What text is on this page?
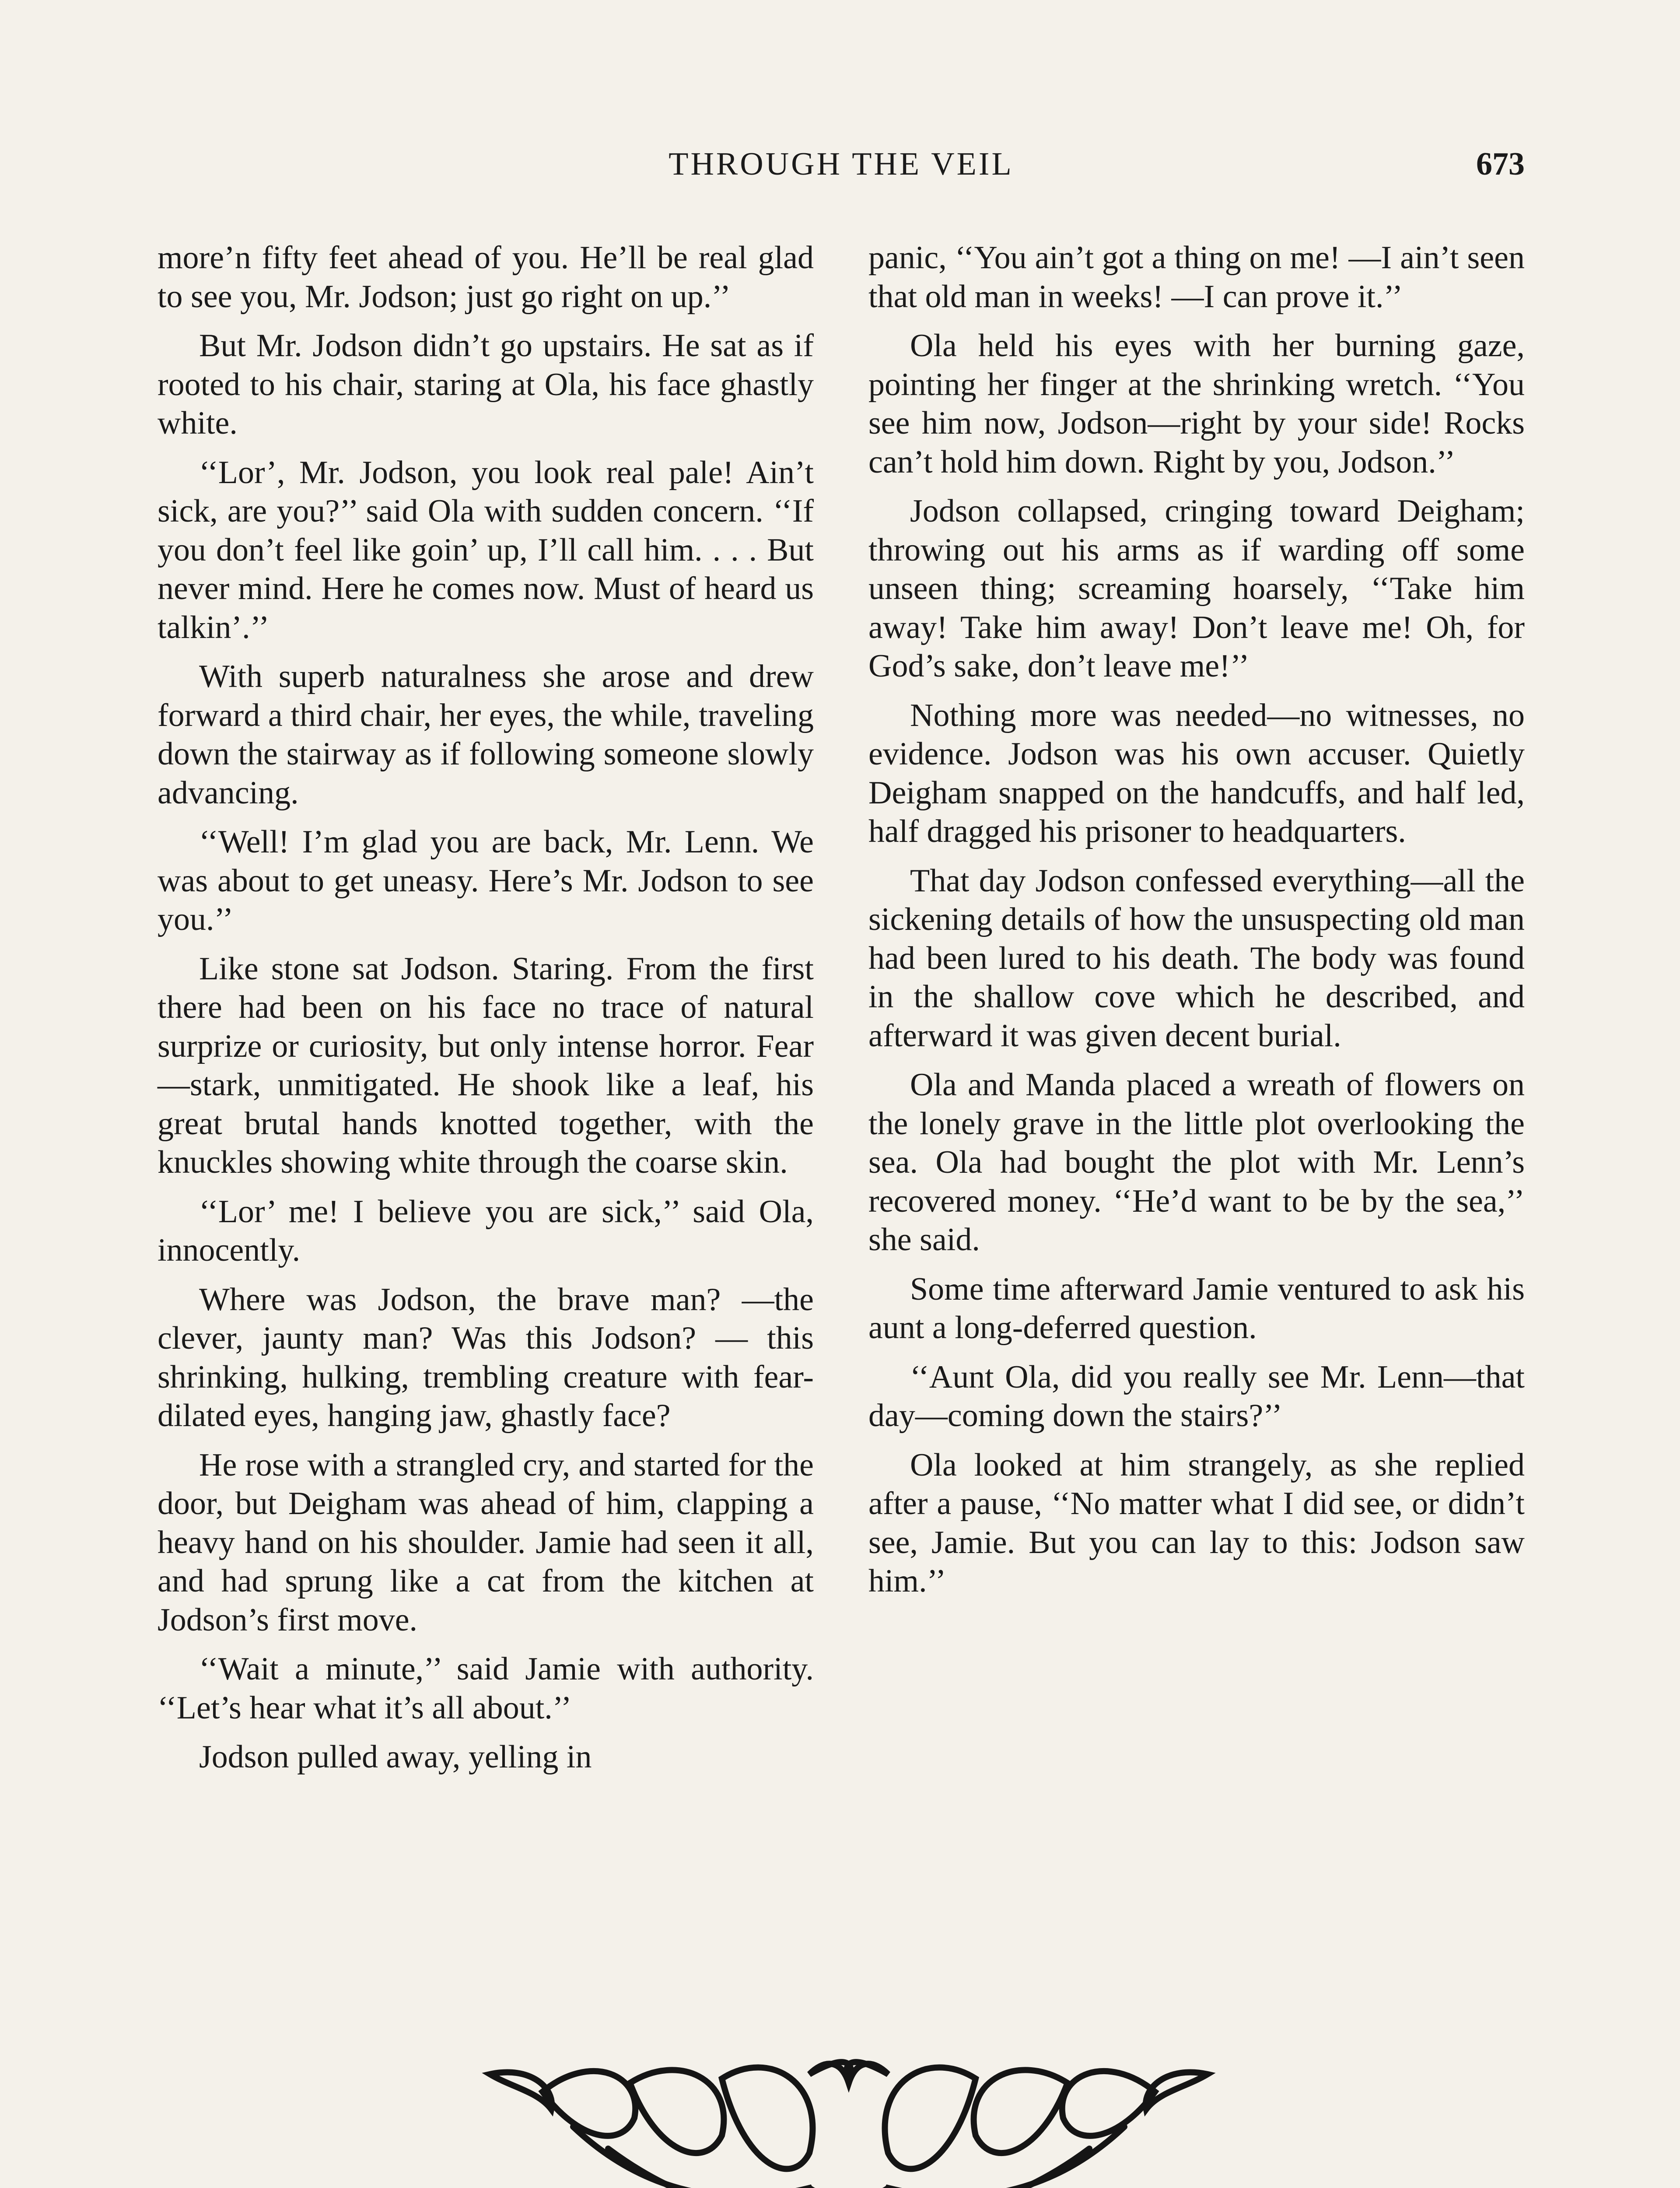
THROUGH THE VEIL	673

more’n fifty feet ahead of you. He’ll be real glad to see you, Mr. Jodson; just go right on up.’’

But Mr. Jodson didn’t go upstairs. He sat as if rooted to his chair, staring at Ola, his face ghastly white.

‘‘Lor’, Mr. Jodson, you look real pale! Ain’t sick, are you?’’ said Ola with sudden concern. ‘‘If you don’t feel like goin’ up, I’ll call him. . . . But never mind. Here he comes now. Must of heard us talkin’.’’

With superb naturalness she arose and drew forward a third chair, her eyes, the while, traveling down the stairway as if following someone slowly advancing.

‘‘Well! I’m glad you are back, Mr. Lenn. We was about to get uneasy. Here’s Mr. Jodson to see you.’’

Like stone sat Jodson. Staring. From the first there had been on his face no trace of natural surprize or curiosity, but only intense horror. Fear—stark, unmitigated. He shook like a leaf, his great brutal hands knotted together, with the knuckles showing white through the coarse skin.

‘‘Lor’ me! I believe you are sick,’’ said Ola, innocently.

Where was Jodson, the brave man? —the clever, jaunty man? Was this Jodson? — this shrinking, hulking, trembling creature with fear-dilated eyes, hanging jaw, ghastly face?

He rose with a strangled cry, and started for the door, but Deigham was ahead of him, clapping a heavy hand on his shoulder. Jamie had seen it all, and had sprung like a cat from the kitchen at Jodson’s first move.

‘‘Wait a minute,’’ said Jamie with authority. ‘‘Let’s hear what it’s all about.’’

Jodson pulled away, yelling in

panic, ‘‘You ain’t got a thing on me! —I ain’t seen that old man in weeks! —I can prove it.’’

Ola held his eyes with her burning gaze, pointing her finger at the shrinking wretch. ‘‘You see him now, Jodson—right by your side! Rocks can’t hold him down. Right by you, Jodson.’’

Jodson collapsed, cringing toward Deigham; throwing out his arms as if warding off some unseen thing; screaming hoarsely, ‘‘Take him away! Take him away! Don’t leave me! Oh, for God’s sake, don’t leave me!’’

Nothing more was needed—no witnesses, no evidence. Jodson was his own accuser. Quietly Deigham snapped on the handcuffs, and half led, half dragged his prisoner to headquarters.

That day Jodson confessed everything—all the sickening details of how the unsuspecting old man had been lured to his death. The body was found in the shallow cove which he described, and afterward it was given decent burial.

Ola and Manda placed a wreath of flowers on the lonely grave in the little plot overlooking the sea. Ola had bought the plot with Mr. Lenn’s recovered money. ‘‘He’d want to be by the sea,’’ she said.

Some time afterward Jamie ventured to ask his aunt a long-deferred question.

‘‘Aunt Ola, did you really see Mr. Lenn—that day—coming down the stairs?’’

Ola looked at him strangely, as she replied after a pause, ‘‘No matter what I did see, or didn’t see, Jamie. But you can lay to this: Jodson saw him.’’
